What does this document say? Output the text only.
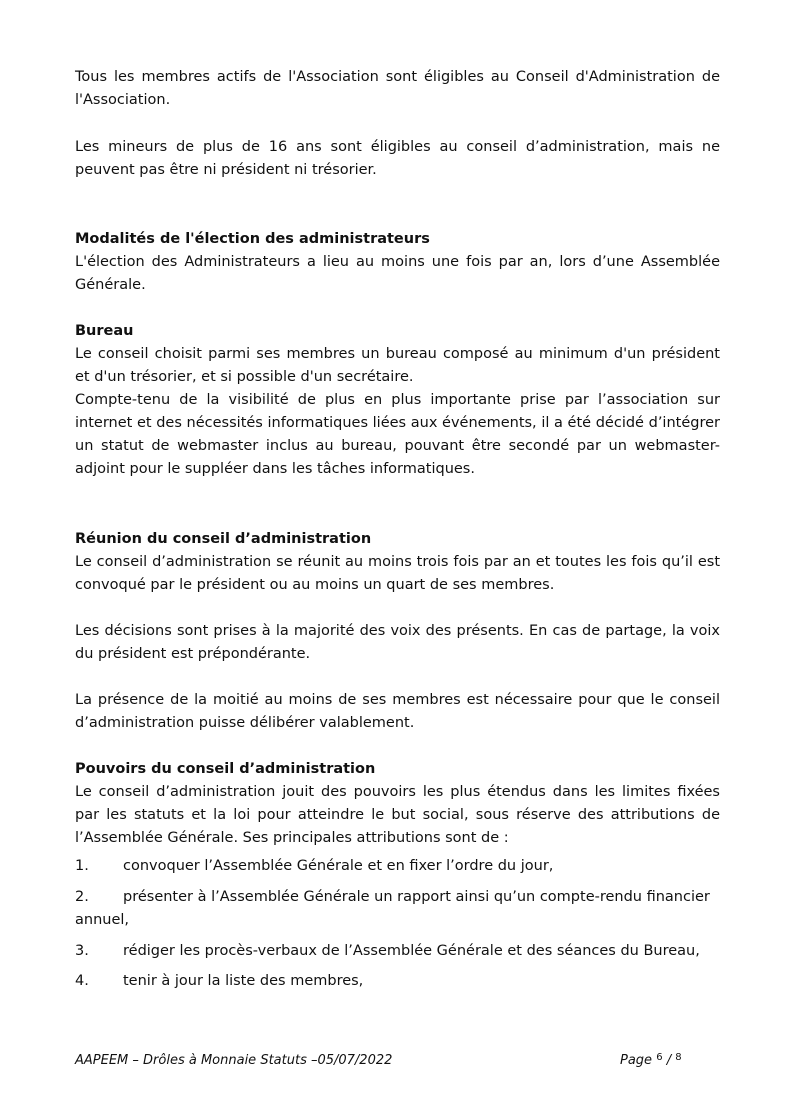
Tous les membres actifs de l'Association sont éligibles au Conseil d'Administration de l'Association.
Les mineurs de plus de 16 ans sont éligibles au conseil d’administration, mais ne peuvent pas être ni président ni trésorier.
Modalités de l'élection des administrateurs
L'élection des Administrateurs a lieu au moins une fois par an, lors d’une Assemblée Générale.
Bureau
Le conseil choisit parmi ses membres un bureau composé au minimum d'un président et d'un trésorier, et si possible d'un secrétaire.
Compte-tenu de la visibilité de plus en plus importante prise par l’association sur internet et des nécessités informatiques liées aux événements, il a été décidé d’intégrer un statut de webmaster inclus au bureau, pouvant être secondé par un webmaster-adjoint pour le suppléer dans les tâches informatiques.
Réunion du conseil d’administration
Le conseil d’administration se réunit au moins trois fois par an et toutes les fois qu’il est convoqué par le président ou au moins un quart de ses membres.
Les décisions sont prises à la majorité des voix des présents. En cas de partage, la voix du président est prépondérante.
La présence de la moitié au moins de ses membres est nécessaire pour que le conseil d’administration puisse délibérer valablement.
Pouvoirs du conseil d’administration
Le conseil d’administration jouit des pouvoirs les plus étendus dans les limites fixées par les statuts et la loi pour atteindre le but social, sous réserve des attributions de l’Assemblée Générale. Ses principales attributions sont de :
1. convoquer l’Assemblée Générale et en fixer l’ordre du jour,
2. présenter à l’Assemblée Générale un rapport ainsi qu’un compte-rendu financier annuel,
3. rédiger les procès-verbaux de l’Assemblée Générale et des séances du Bureau,
4. tenir à jour la liste des membres,
AAPEEM – Drôles à Monnaie Statuts –05/07/2022	Page $^6$ / $^8$
